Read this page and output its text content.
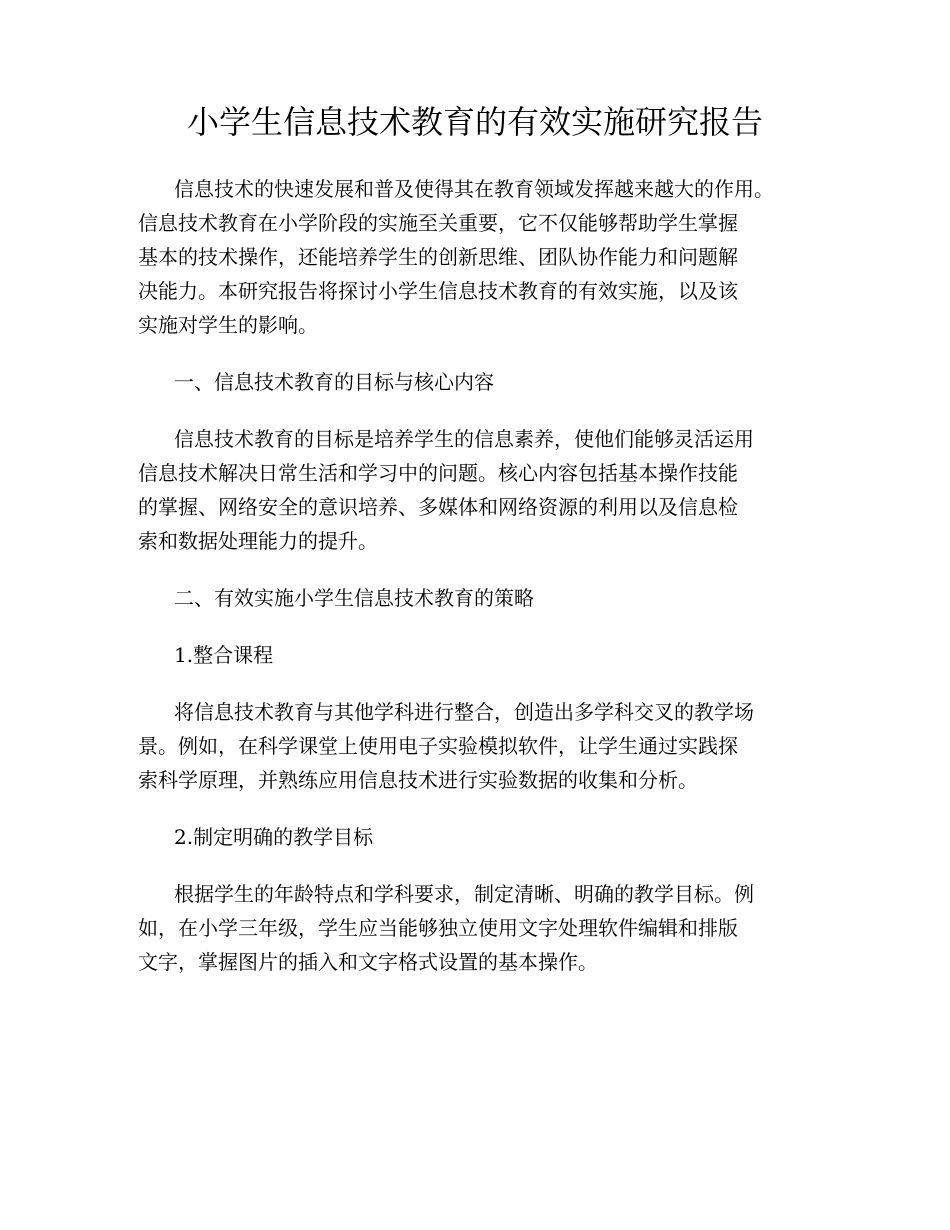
小学生信息技术教育的有效实施研究报告

信息技术的快速发展和普及使得其在教育领域发挥越来越大的作用。
信息技术教育在小学阶段的实施至关重要，它不仅能够帮助学生掌握
基本的技术操作，还能培养学生的创新思维、团队协作能力和问题解
决能力。本研究报告将探讨小学生信息技术教育的有效实施，以及该
实施对学生的影响。

一、信息技术教育的目标与核心内容

信息技术教育的目标是培养学生的信息素养，使他们能够灵活运用
信息技术解决日常生活和学习中的问题。核心内容包括基本操作技能
的掌握、网络安全的意识培养、多媒体和网络资源的利用以及信息检
索和数据处理能力的提升。

二、有效实施小学生信息技术教育的策略

1.整合课程

将信息技术教育与其他学科进行整合，创造出多学科交叉的教学场
景。例如，在科学课堂上使用电子实验模拟软件，让学生通过实践探
索科学原理，并熟练应用信息技术进行实验数据的收集和分析。

2.制定明确的教学目标

根据学生的年龄特点和学科要求，制定清晰、明确的教学目标。例
如，在小学三年级，学生应当能够独立使用文字处理软件编辑和排版
文字，掌握图片的插入和文字格式设置的基本操作。
